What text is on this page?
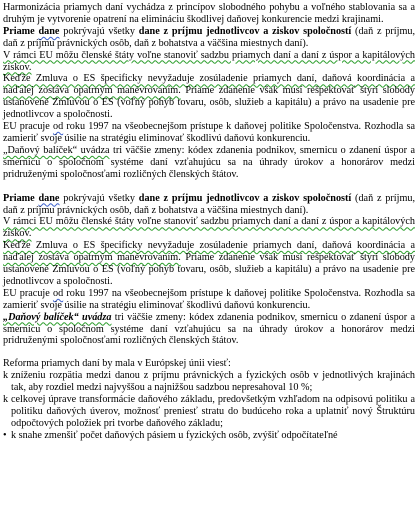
Harmonizácia priamych daní vychádza z princípov slobodného pohybu a voľného stablovania sa a druhým je vytvorenie opatrení na elimináciu škodlivej daňovej konkurencie medzi krajinami.

Priame dane pokrývajú všetky dane z príjmu jednotlivcov a ziskov spoločností (daň z príjmu, daň z príjmu právnických osôb, daň z bohatstva a väčšina miestnych daní).

V rámci EU môžu členské štáty voľne stanoviť sadzbu priamych daní a daní z úspor a kapitálových ziskov.

Keďže Zmluva o ES špecificky nevyžaduje zosúladenie priamych daní, daňová koordinácia a naďalej zostáva opatrným manévrovaním. Priame zdanenie však musí rešpektovať štyri slobody ustanovené Zmluvou o ES (voľný pohyb tovaru, osôb, služieb a kapitálu) a právo na usadenie pre jednotlivcov a spoločnosti.

EU pracuje od roku 1997 na všeobecnejšom prístupe k daňovej politike Spoločenstva. Rozhodla sa zamieriť svoje úsilie na stratégiu eliminovať škodlivú daňovú konkurenciu.

„Daňový balíček“ uvádza tri väčšie zmeny: kódex zdanenia podnikov, smernicu o zdanení úspor a smernicu o spoločnom systéme daní vzťahujúcu sa na úhrady úrokov a honorárov medzi pridruženými spoločnosťami rozličných členských štátov.

Priame dane pokrývajú všetky dane z príjmu jednotlivcov a ziskov spoločností (daň z príjmu, daň z príjmu právnických osôb, daň z bohatstva a väčšina miestnych daní).

V rámci EU môžu členské štáty voľne stanoviť sadzbu priamych daní a daní z úspor a kapitálových ziskov.

Keďže Zmluva o ES špecificky nevyžaduje zosúladenie priamych daní, daňová koordinácia a naďalej zostáva opatrným manévrovaním. Priame zdanenie však musí rešpektovať štyri slobody ustanovené Zmluvou o ES (voľný pohyb tovaru, osôb, služieb a kapitálu) a právo na usadenie pre jednotlivcov a spoločnosti.

EU pracuje od roku 1997 na všeobecnejšom prístupe k daňovej politike Spoločenstva. Rozhodla sa zamieriť svoje úsilie na stratégiu eliminovať škodlivú daňovú konkurenciu.

„Daňový balíček“ uvádza tri väčšie zmeny: kódex zdanenia podnikov, smernicu o zdanení úspor a smernicu o spoločnom systéme daní vzťahujúcu sa na úhrady úrokov a honorárov medzi pridruženými spoločnosťami rozličných členských štátov.

Reforma priamych daní by mala v Európskej únii viesť:

k zníženiu rozpätia medzi danou z príjmu právnických a fyzických osôb v jednotlivých krajinách tak, aby rozdiel medzi najvyššou a najnižšou sadzbou nepresahoval 10 %;
k celkovej úprave transformácie daňového základu, predovšetkým vzhľadom na odpisovú politiku a politiku daňových úverov, možnosť preniesť stratu do budúceho roka a uplatniť nový Štruktúru odpočtových položiek pri tvorbe daňového základu;
• k snahe zmenšiť počet daňových pásiem u fyzických osôb, zvýšiť odpočítateľné
